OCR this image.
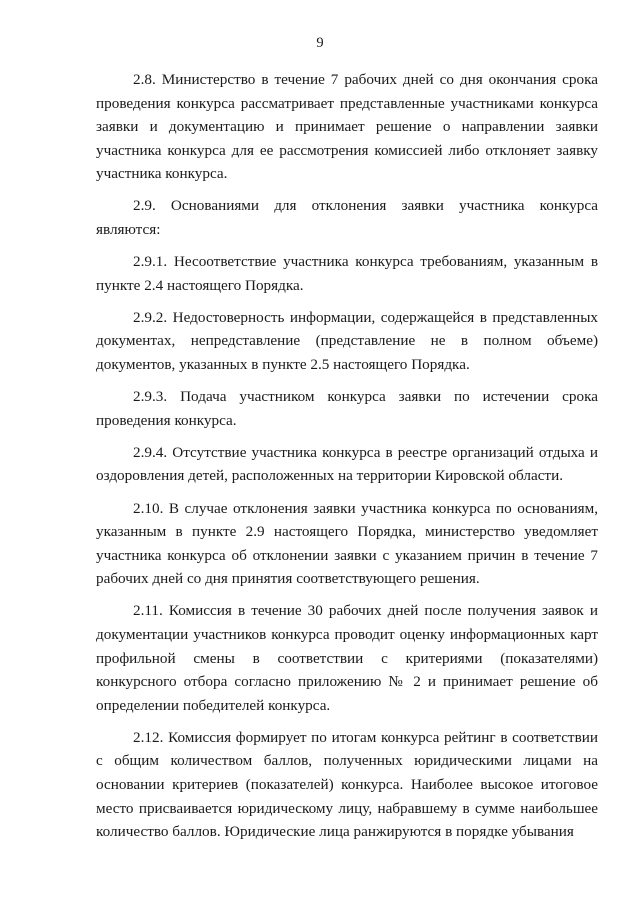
9

2.8. Министерство в течение 7 рабочих дней со дня окончания срока проведения конкурса рассматривает представленные участниками конкурса заявки и документацию и принимает решение о направлении заявки участника конкурса для ее рассмотрения комиссией либо отклоняет заявку участника конкурса.

2.9. Основаниями для отклонения заявки участника конкурса являются:

2.9.1. Несоответствие участника конкурса требованиям, указанным в пункте 2.4 настоящего Порядка.

2.9.2. Недостоверность информации, содержащейся в представленных документах, непредставление (представление не в полном объеме) документов, указанных в пункте 2.5 настоящего Порядка.

2.9.3. Подача участником конкурса заявки по истечении срока проведения конкурса.

2.9.4. Отсутствие участника конкурса в реестре организаций отдыха и оздоровления детей, расположенных на территории Кировской области.

2.10. В случае отклонения заявки участника конкурса по основаниям, указанным в пункте 2.9 настоящего Порядка, министерство уведомляет участника конкурса об отклонении заявки с указанием причин в течение 7 рабочих дней со дня принятия соответствующего решения.

2.11. Комиссия в течение 30 рабочих дней после получения заявок и документации участников конкурса проводит оценку информационных карт профильной смены в соответствии с критериями (показателями) конкурсного отбора согласно приложению № 2 и принимает решение об определении победителей конкурса.

2.12. Комиссия формирует по итогам конкурса рейтинг в соответствии с общим количеством баллов, полученных юридическими лицами на основании критериев (показателей) конкурса. Наиболее высокое итоговое место присваивается юридическому лицу, набравшему в сумме наибольшее количество баллов. Юридические лица ранжируются в порядке убывания
